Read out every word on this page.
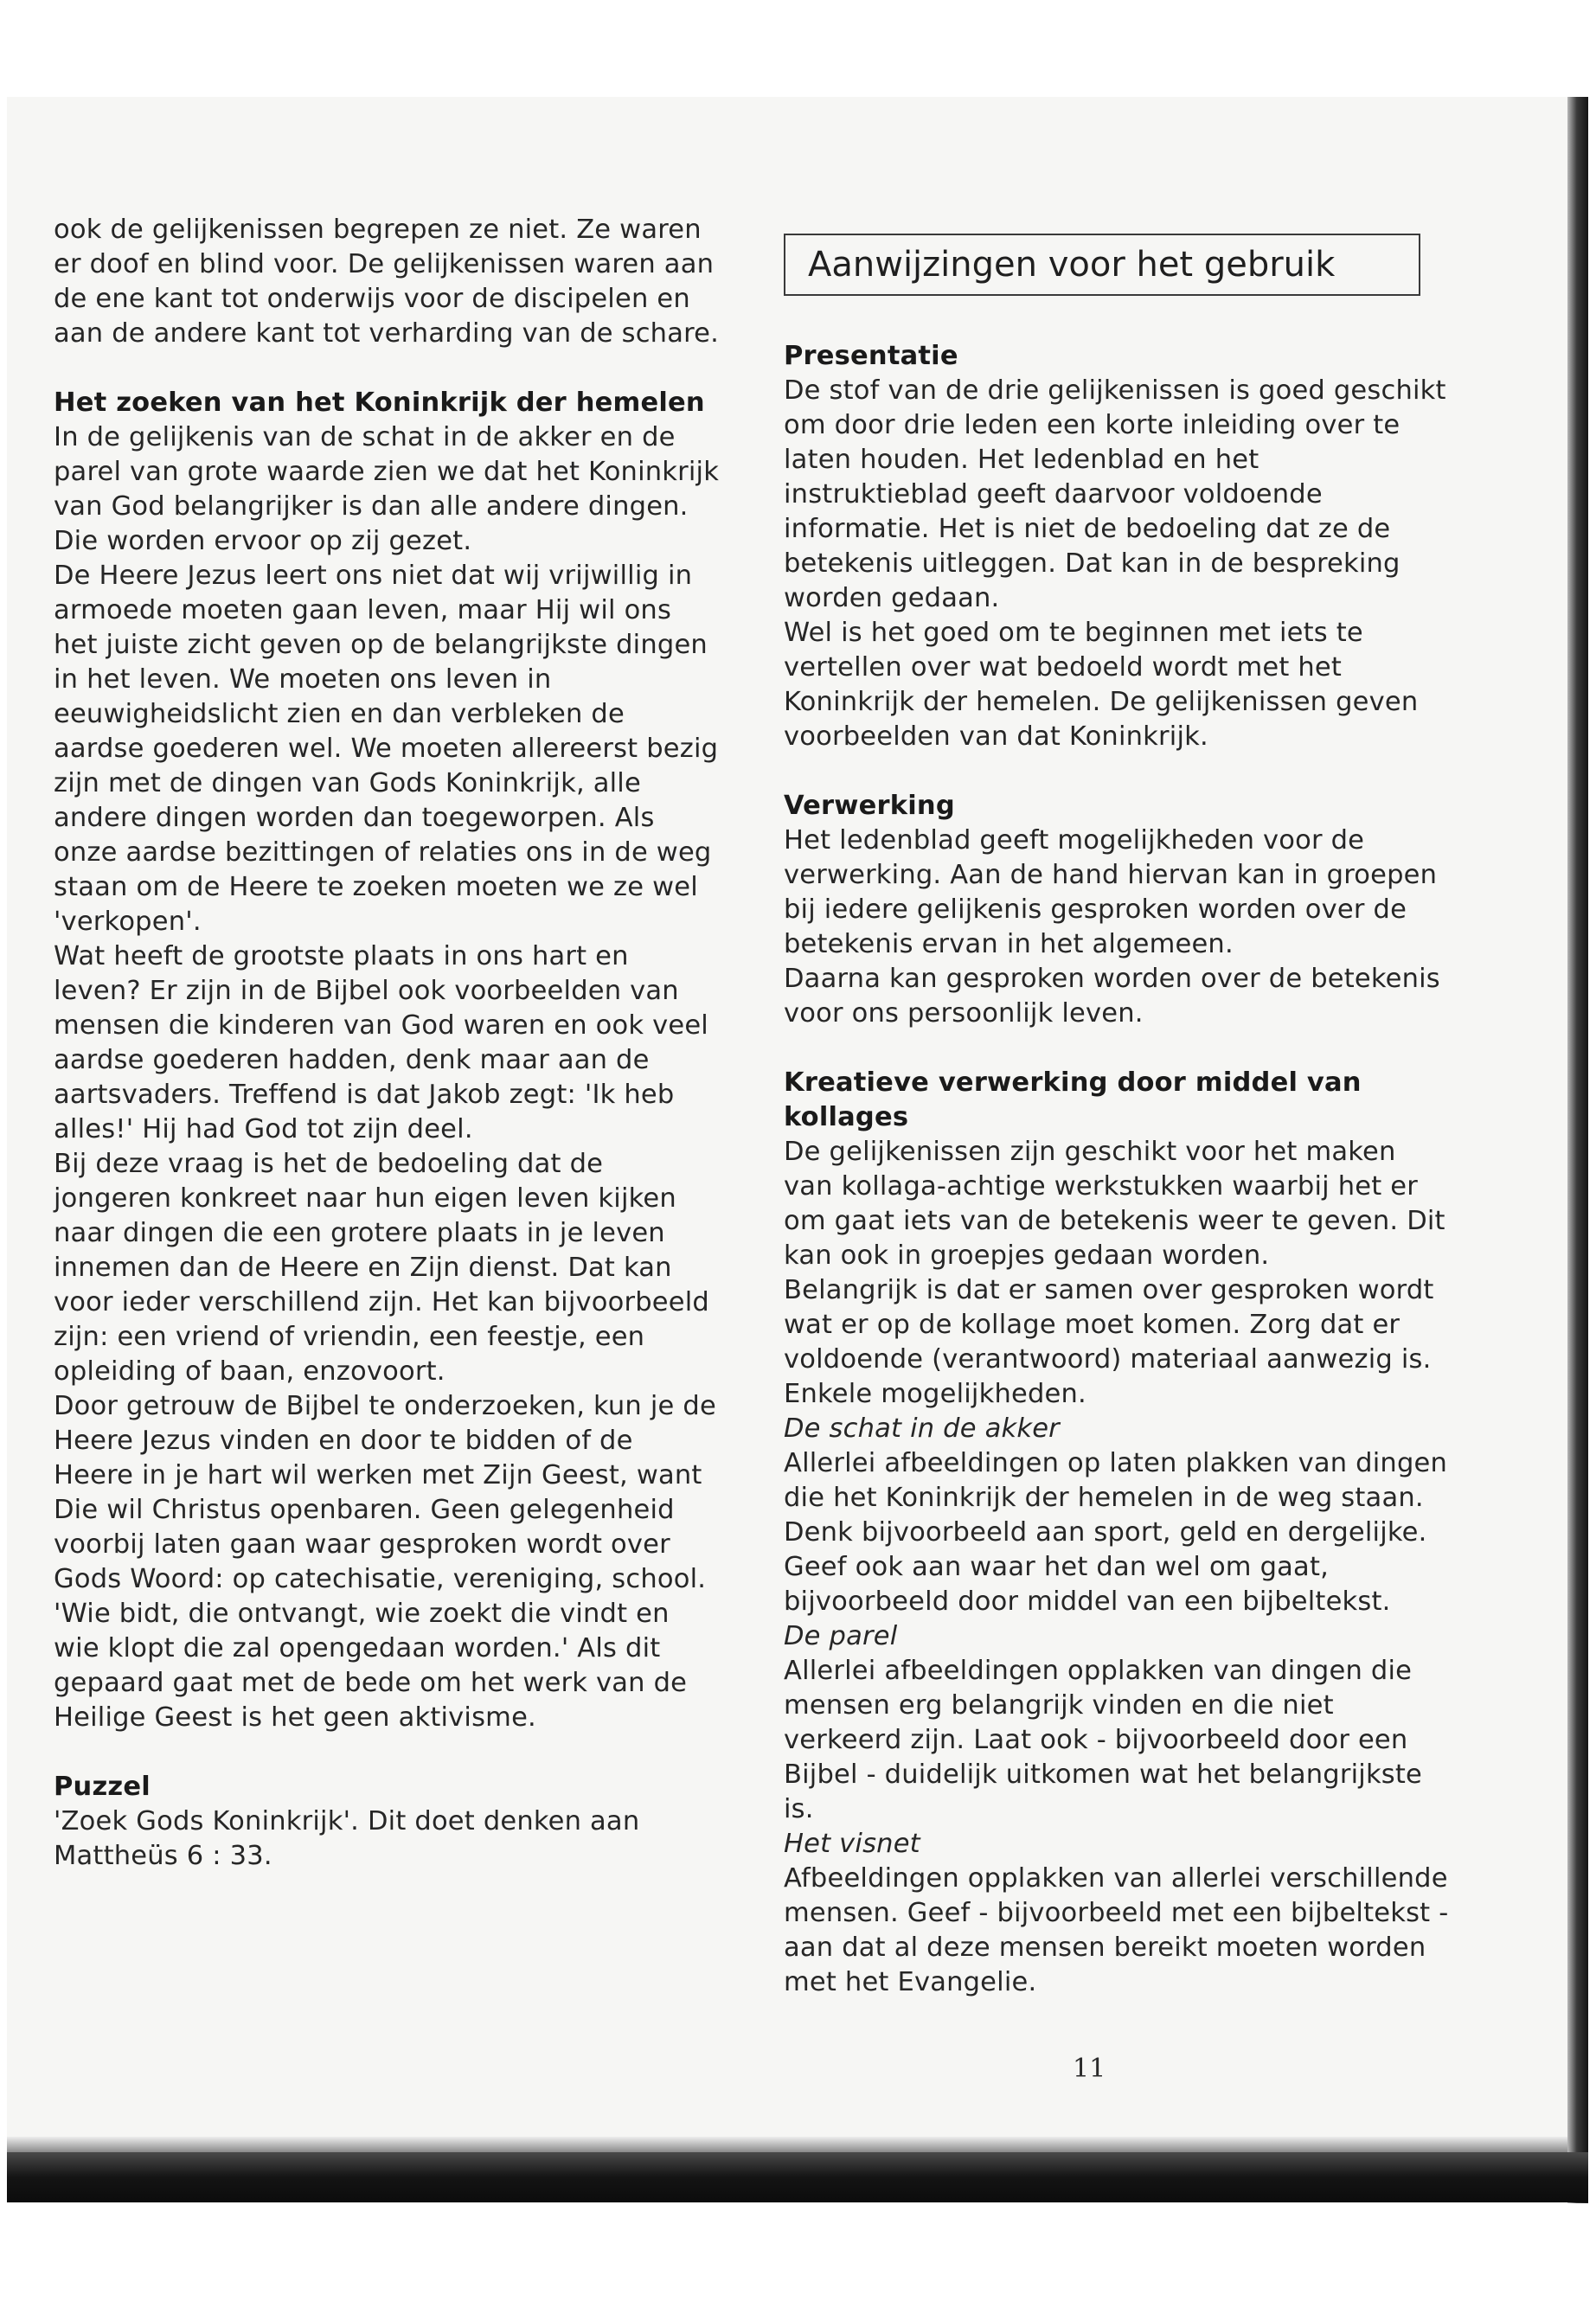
ook de gelijkenissen begrepen ze niet. Ze waren er doof en blind voor. De gelijkenissen waren aan de ene kant tot onderwijs voor de discipelen en aan de andere kant tot verharding van de schare.

Het zoeken van het Koninkrijk der hemelen

In de gelijkenis van de schat in de akker en de parel van grote waarde zien we dat het Koninkrijk van God belangrijker is dan alle andere dingen. Die worden ervoor op zij gezet.

De Heere Jezus leert ons niet dat wij vrijwillig in armoede moeten gaan leven, maar Hij wil ons het juiste zicht geven op de belangrijkste dingen in het leven. We moeten ons leven in eeuwigheidslicht zien en dan verbleken de aardse goederen wel. We moeten allereerst bezig zijn met de dingen van Gods Koninkrijk, alle andere dingen worden dan toegeworpen. Als onze aardse bezittingen of relaties ons in de weg staan om de Heere te zoeken moeten we ze wel 'verkopen'.

Wat heeft de grootste plaats in ons hart en leven? Er zijn in de Bijbel ook voorbeelden van mensen die kinderen van God waren en ook veel aardse goederen hadden, denk maar aan de aartsvaders. Treffend is dat Jakob zegt: 'Ik heb alles!' Hij had God tot zijn deel.

Bij deze vraag is het de bedoeling dat de jongeren konkreet naar hun eigen leven kijken naar dingen die een grotere plaats in je leven innemen dan de Heere en Zijn dienst. Dat kan voor ieder verschillend zijn. Het kan bijvoorbeeld zijn: een vriend of vriendin, een feestje, een opleiding of baan, enzovoort.

Door getrouw de Bijbel te onderzoeken, kun je de Heere Jezus vinden en door te bidden of de Heere in je hart wil werken met Zijn Geest, want Die wil Christus openbaren. Geen gelegenheid voorbij laten gaan waar gesproken wordt over Gods Woord: op catechisatie, vereniging, school. 'Wie bidt, die ontvangt, wie zoekt die vindt en wie klopt die zal opengedaan worden.' Als dit gepaard gaat met de bede om het werk van de Heilige Geest is het geen aktivisme.

Puzzel

'Zoek Gods Koninkrijk'. Dit doet denken aan Mattheüs 6 : 33.

Aanwijzingen voor het gebruik

Presentatie

De stof van de drie gelijkenissen is goed geschikt om door drie leden een korte inleiding over te laten houden. Het ledenblad en het instruktieblad geeft daarvoor voldoende informatie. Het is niet de bedoeling dat ze de betekenis uitleggen. Dat kan in de bespreking worden gedaan.

Wel is het goed om te beginnen met iets te vertellen over wat bedoeld wordt met het Koninkrijk der hemelen. De gelijkenissen geven voorbeelden van dat Koninkrijk.

Verwerking

Het ledenblad geeft mogelijkheden voor de verwerking. Aan de hand hiervan kan in groepen bij iedere gelijkenis gesproken worden over de betekenis ervan in het algemeen.

Daarna kan gesproken worden over de betekenis voor ons persoonlijk leven.

Kreatieve verwerking door middel van kollages

De gelijkenissen zijn geschikt voor het maken van kollaga-achtige werkstukken waarbij het er om gaat iets van de betekenis weer te geven. Dit kan ook in groepjes gedaan worden.

Belangrijk is dat er samen over gesproken wordt wat er op de kollage moet komen. Zorg dat er voldoende (verantwoord) materiaal aanwezig is.

Enkele mogelijkheden.

De schat in de akker

Allerlei afbeeldingen op laten plakken van dingen die het Koninkrijk der hemelen in de weg staan. Denk bijvoorbeeld aan sport, geld en dergelijke. Geef ook aan waar het dan wel om gaat, bijvoorbeeld door middel van een bijbeltekst.

De parel

Allerlei afbeeldingen opplakken van dingen die mensen erg belangrijk vinden en die niet verkeerd zijn. Laat ook - bijvoorbeeld door een Bijbel - duidelijk uitkomen wat het belangrijkste is.

Het visnet

Afbeeldingen opplakken van allerlei verschillende mensen. Geef - bijvoorbeeld met een bijbeltekst - aan dat al deze mensen bereikt moeten worden met het Evangelie.

11
